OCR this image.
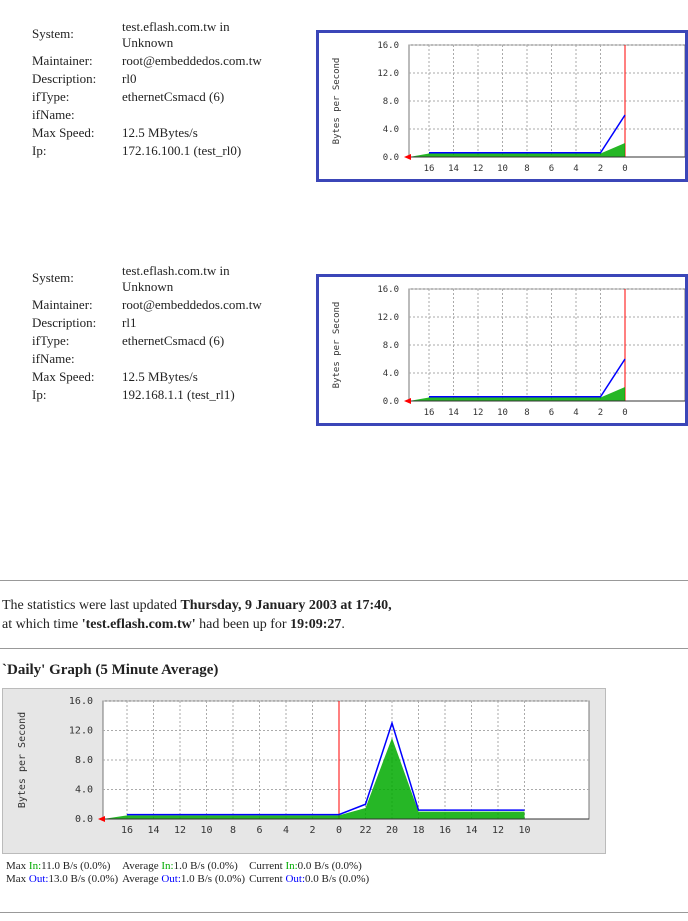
System:	test.eflash.com.tw in
Unknown
Maintainer:	root@embeddedos.com.tw
Description:	rl0
ifType:	ethernetCsmacd (6)
ifName:	
Max Speed:	12.5 MBytes/s
Ip:	172.16.100.1 (test_rl0)
16.0
12.0
8.0
4.0
0.0
16 14 12 10 8 6 4 2 0
Bytes per Second
System:	test.eflash.com.tw in
Unknown
Maintainer:	root@embeddedos.com.tw
Description:	rl1
ifType:	ethernetCsmacd (6)
ifName:	
Max Speed:	12.5 MBytes/s
Ip:	192.168.1.1 (test_rl1)
16.0
12.0
8.0
4.0
0.0
16 14 12 10 8 6 4 2 0
Bytes per Second
The statistics were last updated Thursday, 9 January 2003 at 17:40,
at which time 'test.eflash.com.tw' had been up for 19:09:27.
`Daily' Graph (5 Minute Average)
16.0
12.0
8.0
4.0
0.0
16 14 12 10 8 6 4 2 0 22 20 18 16 14 12 10
Bytes per Second
Max In:11.0 B/s (0.0%)	Average In:1.0 B/s (0.0%)	Current In:0.0 B/s (0.0%)
Max Out:13.0 B/s (0.0%)	Average Out:1.0 B/s (0.0%)	Current Out:0.0 B/s (0.0%)
